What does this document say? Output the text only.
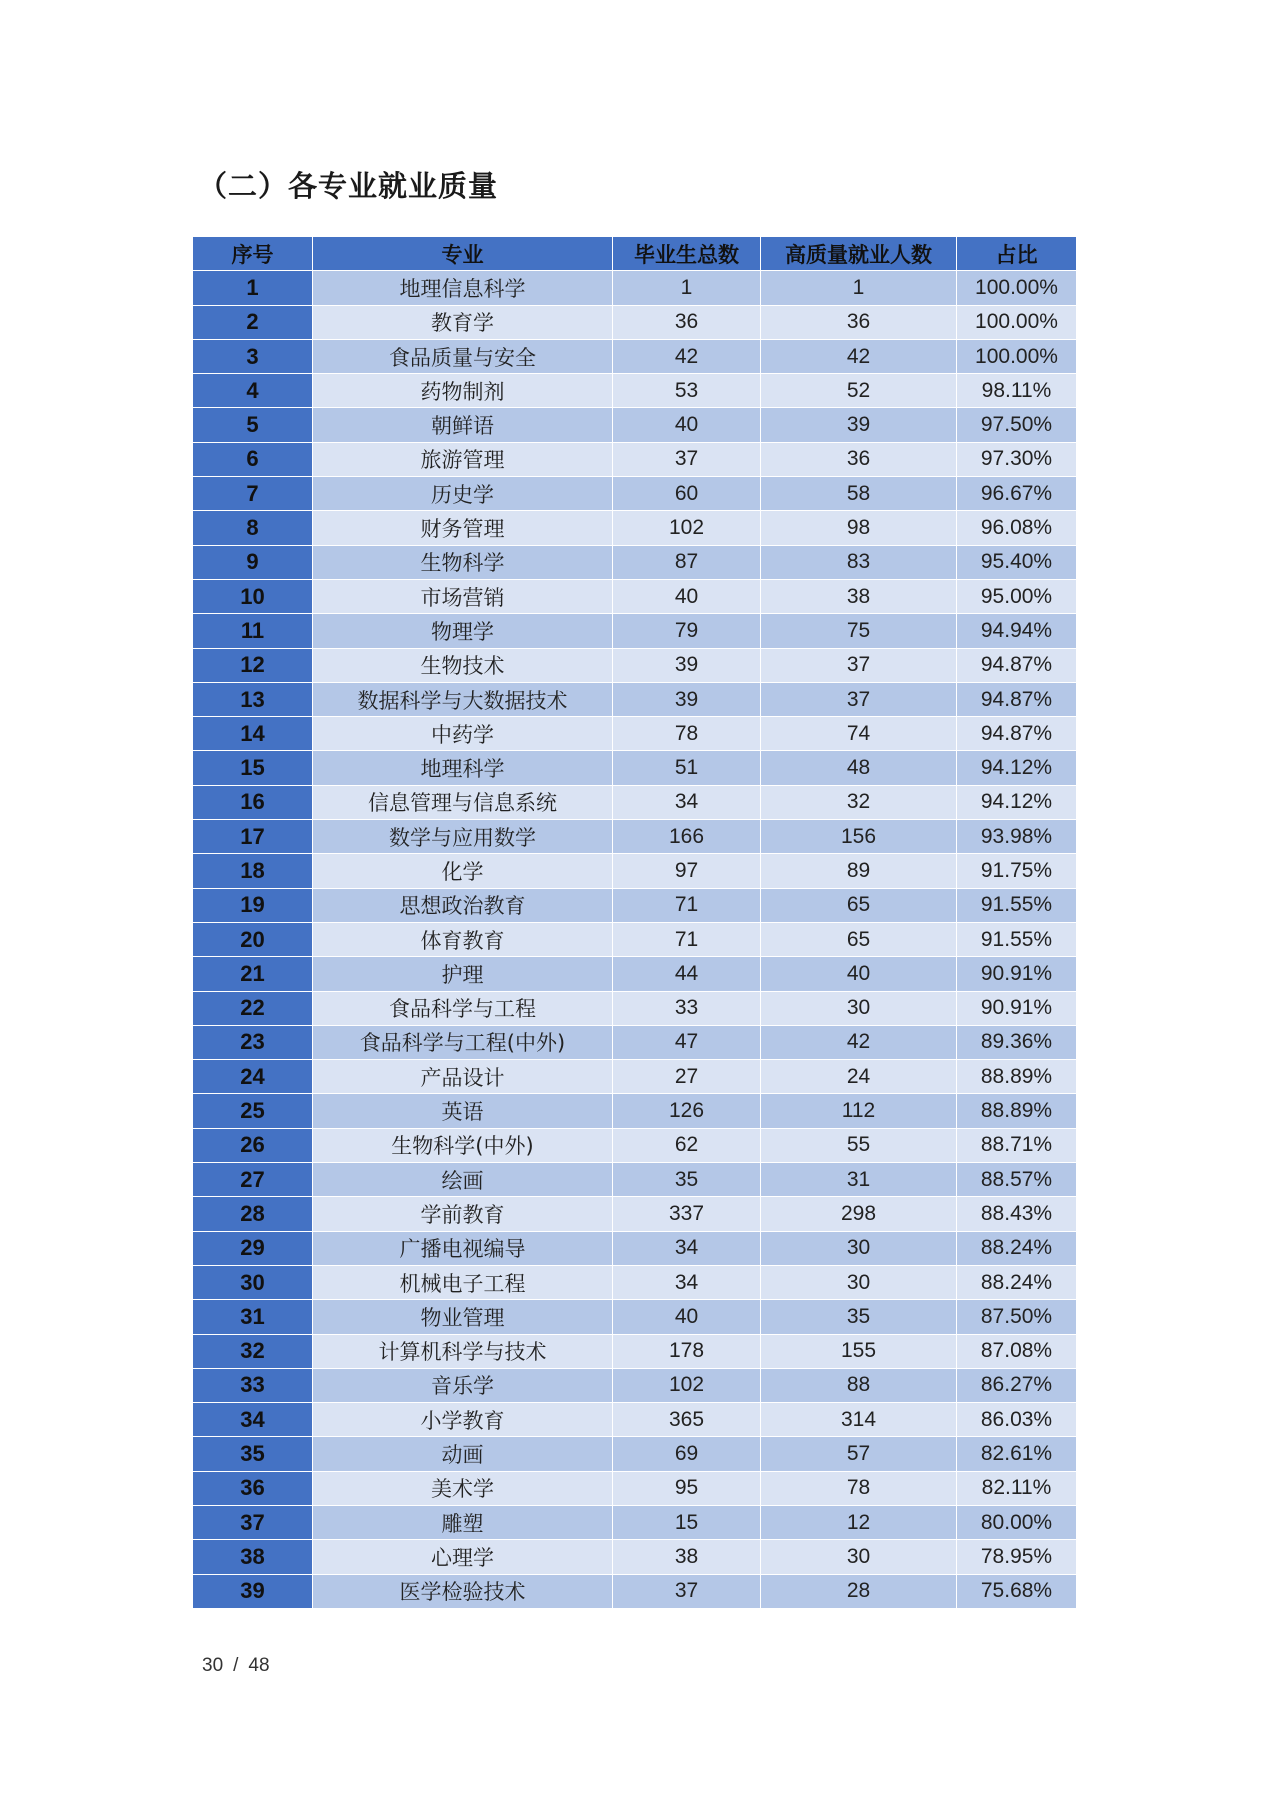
（二）各专业就业质量
序号	专业	毕业生总数	高质量就业人数	占比
1	地理信息科学	1	1	100.00%
2	教育学	36	36	100.00%
3	食品质量与安全	42	42	100.00%
4	药物制剂	53	52	98.11%
5	朝鲜语	40	39	97.50%
6	旅游管理	37	36	97.30%
7	历史学	60	58	96.67%
8	财务管理	102	98	96.08%
9	生物科学	87	83	95.40%
10	市场营销	40	38	95.00%
11	物理学	79	75	94.94%
12	生物技术	39	37	94.87%
13	数据科学与大数据技术	39	37	94.87%
14	中药学	78	74	94.87%
15	地理科学	51	48	94.12%
16	信息管理与信息系统	34	32	94.12%
17	数学与应用数学	166	156	93.98%
18	化学	97	89	91.75%
19	思想政治教育	71	65	91.55%
20	体育教育	71	65	91.55%
21	护理	44	40	90.91%
22	食品科学与工程	33	30	90.91%
23	食品科学与工程(中外)	47	42	89.36%
24	产品设计	27	24	88.89%
25	英语	126	112	88.89%
26	生物科学(中外)	62	55	88.71%
27	绘画	35	31	88.57%
28	学前教育	337	298	88.43%
29	广播电视编导	34	30	88.24%
30	机械电子工程	34	30	88.24%
31	物业管理	40	35	87.50%
32	计算机科学与技术	178	155	87.08%
33	音乐学	102	88	86.27%
34	小学教育	365	314	86.03%
35	动画	69	57	82.61%
36	美术学	95	78	82.11%
37	雕塑	15	12	80.00%
38	心理学	38	30	78.95%
39	医学检验技术	37	28	75.68%
30 / 48
